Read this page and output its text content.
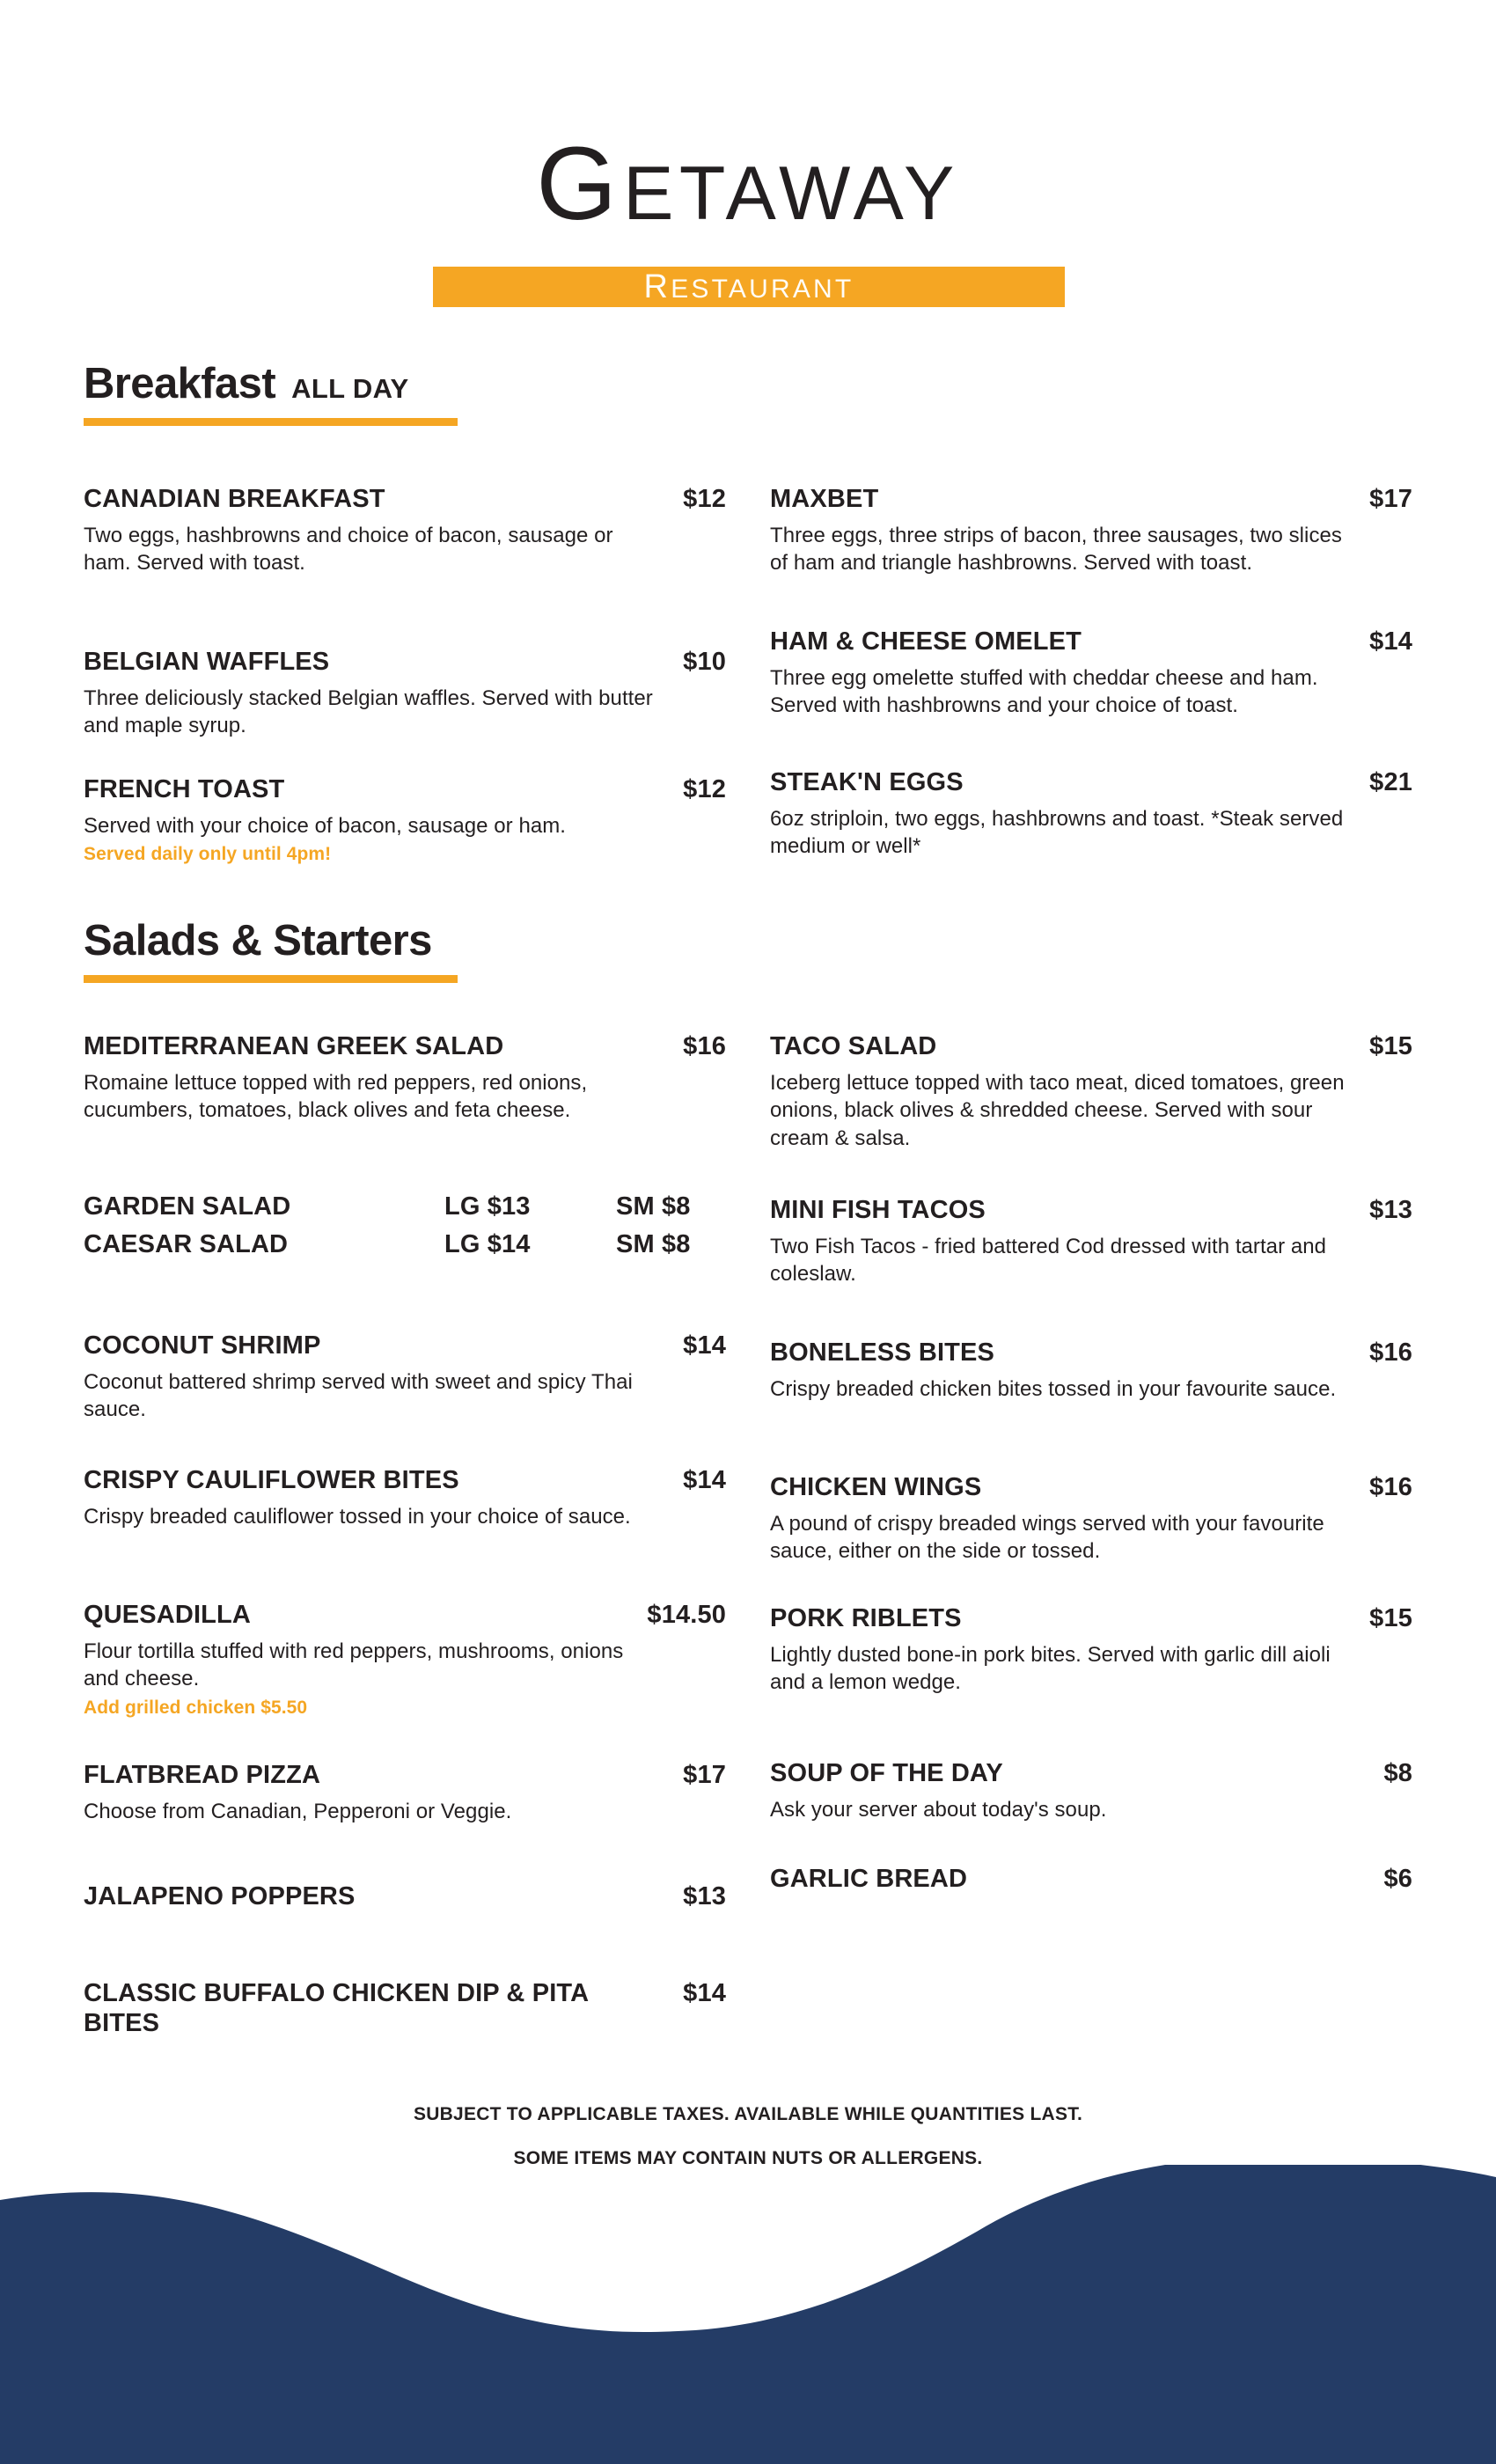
GETAWAY
RESTAURANT
Breakfast ALL DAY
CANADIAN BREAKFAST	$12
Two eggs, hashbrowns and choice of bacon, sausage or ham. Served with toast.
BELGIAN WAFFLES	$10
Three deliciously stacked Belgian waffles. Served with butter and maple syrup.
FRENCH TOAST	$12
Served with your choice of bacon, sausage or ham.
Served daily only until 4pm!
MAXBET	$17
Three eggs, three strips of bacon, three sausages, two slices of ham and triangle hashbrowns. Served with toast.
HAM & CHEESE OMELET	$14
Three egg omelette stuffed with cheddar cheese and ham. Served with hashbrowns and your choice of toast.
STEAK'N EGGS	$21
6oz striploin, two eggs, hashbrowns and toast. *Steak served medium or well*
Salads & Starters
MEDITERRANEAN GREEK SALAD	$16
Romaine lettuce topped with red peppers, red onions, cucumbers, tomatoes, black olives and feta cheese.
GARDEN SALAD	LG $13	SM $8
CAESAR SALAD	LG $14	SM $8
COCONUT SHRIMP	$14
Coconut battered shrimp served with sweet and spicy Thai sauce.
CRISPY CAULIFLOWER BITES	$14
Crispy breaded cauliflower tossed in your choice of sauce.
QUESADILLA	$14.50
Flour tortilla stuffed with red peppers, mushrooms, onions and cheese.
Add grilled chicken $5.50
FLATBREAD PIZZA	$17
Choose from Canadian, Pepperoni or Veggie.
JALAPENO POPPERS	$13
CLASSIC BUFFALO CHICKEN DIP & PITA BITES
$14
TACO SALAD	$15
Iceberg lettuce topped with taco meat, diced tomatoes, green onions, black olives & shredded cheese. Served with sour cream & salsa.
MINI FISH TACOS	$13
Two Fish Tacos - fried battered Cod dressed with tartar and coleslaw.
BONELESS BITES	$16
Crispy breaded chicken bites tossed in your favourite sauce.
CHICKEN WINGS	$16
A pound of crispy breaded wings served with your favourite sauce, either on the side or tossed.
PORK RIBLETS	$15
Lightly dusted bone-in pork bites. Served with garlic dill aioli and a lemon wedge.
SOUP OF THE DAY	$8
Ask your server about today's soup.
GARLIC BREAD	$6
SUBJECT TO APPLICABLE TAXES. AVAILABLE WHILE QUANTITIES LAST.
SOME ITEMS MAY CONTAIN NUTS OR ALLERGENS.
